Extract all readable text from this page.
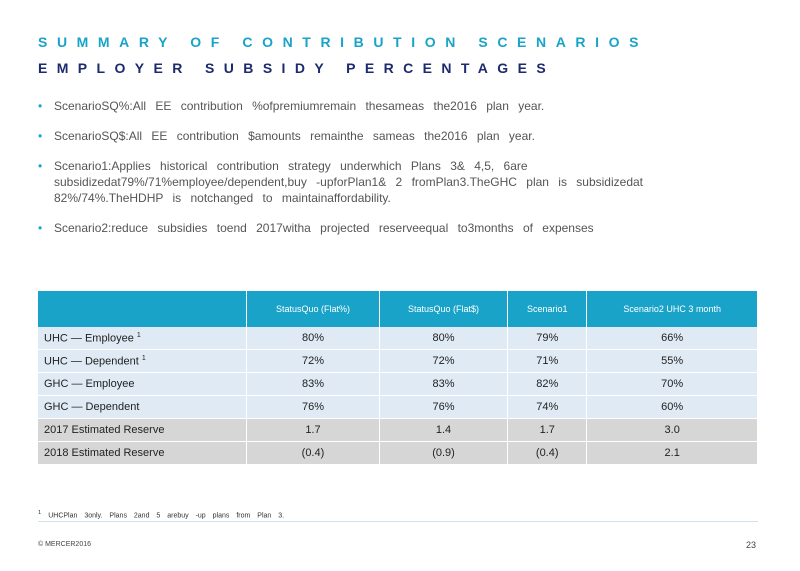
SUMMARY OF CONTRIBUTION SCENARIOS
EMPLOYER SUBSIDY PERCENTAGES
• ScenarioSQ%:All EE contribution %ofpremiumremain thesameas the2016 plan year.
• ScenarioSQ$:All EE contribution $amounts remainthe sameas the2016 plan year.
• Scenario1:Applies historical contribution strategy underwhich Plans 3& 4,5, 6are subsidizedat79%/71%employee/dependent,buy -upforPlan1& 2 fromPlan3.TheGHC plan is subsidizedat 82%/74%.TheHDHP is notchanged to maintainaffordability.
• Scenario2:reduce subsidies toend 2017witha projected reserveequal to3months of expenses
	StatusQuo (Flat%)	StatusQuo (Flat$)	Scenario1	Scenario2 UHC 3 month
UHC — Employee $^1$	80%	80%	79%	66%
UHC — Dependent $^1$	72%	72%	71%	55%
GHC — Employee	83%	83%	82%	70%
GHC — Dependent	76%	76%	74%	60%
2017 Estimated Reserve	1.7	1.4	1.7	3.0
2018 Estimated Reserve	(0.4)	(0.9)	(0.4)	2.1
$^1$ UHCPlan 3only. Plans 2and 5 arebuy -up plans from Plan 3.
© MERCER2016	23
